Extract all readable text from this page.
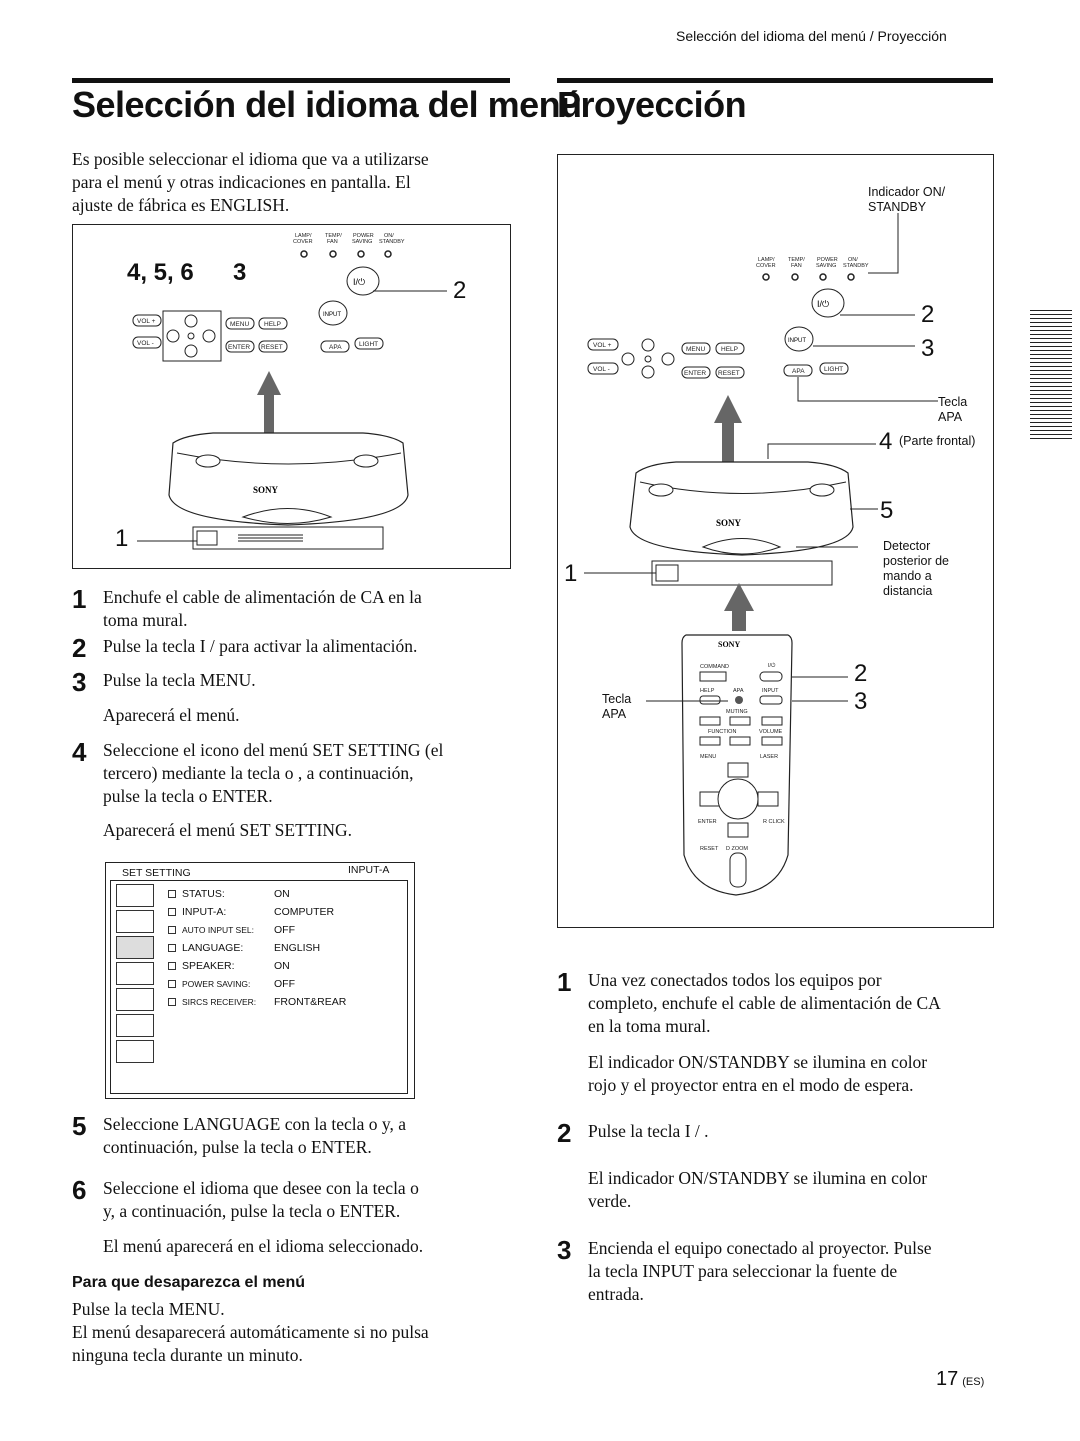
Selección del idioma del menú / Proyección
Selección del idioma del menú
Proyección
Es posible seleccionar el idioma que va a utilizarse
para el menú y otras indicaciones en pantalla. El
ajuste de fábrica es ENGLISH.
LAMP/
COVER
TEMP/
FAN
POWER
SAVING
ON/
STANDBY
I/⏻
INPUT
VOL +
VOL -
MENU HELP
ENTER RESET	APA	LIGHT
SONY
4, 5, 6 3
2
1
1 Enchufe el cable de alimentación de CA en la
toma mural.
2 Pulse la tecla I / para activar la alimentación.
3 Pulse la tecla MENU.
Aparecerá el menú.
4 Seleccione el icono del menú SET SETTING (el
tercero) mediante la tecla o , a continuación,
pulse la tecla o ENTER.
Aparecerá el menú SET SETTING.
SET SETTING	INPUT-A
STATUS:	ON
INPUT-A:	COMPUTER
AUTO INPUT SEL: OFF
LANGUAGE:	ENGLISH
SPEAKER:	ON
POWER SAVING: OFF
SIRCS RECEIVER: FRONT&REAR
5 Seleccione LANGUAGE con la tecla o y, a
continuación, pulse la tecla o ENTER.
6 Seleccione el idioma que desee con la tecla o
y, a continuación, pulse la tecla o ENTER.
El menú aparecerá en el idioma seleccionado.
Para que desaparezca el menú
Pulse la tecla MENU.
El menú desaparecerá automáticamente si no pulsa
ninguna tecla durante un minuto.
LAMP/
COVER
TEMP/
FAN
POWER
SAVING
ON/
STANDBY
I/⏻
INPUT
VOL +
VOL -
MENU HELP
ENTER RESET	APA	LIGHT
SONY
SONY
COMMAND	I/⏻
HELP	APA	INPUT
MUTING
FUNCTION	VOLUME
MENU	LASER
ENTER	R CLICK
RESET D ZOOM
Indicador ON/
STANDBY
2
3
Tecla
APA
4 (Parte frontal)
5
Detector
posterior de
mando a
distancia
1
2
3
Tecla
APA
1 Una vez conectados todos los equipos por
completo, enchufe el cable de alimentación de CA
en la toma mural.
El indicador ON/STANDBY se ilumina en color
rojo y el proyector entra en el modo de espera.
2 Pulse la tecla I / .
El indicador ON/STANDBY se ilumina en color
verde.
3 Encienda el equipo conectado al proyector. Pulse
la tecla INPUT para seleccionar la fuente de
entrada.
17 (ES)
